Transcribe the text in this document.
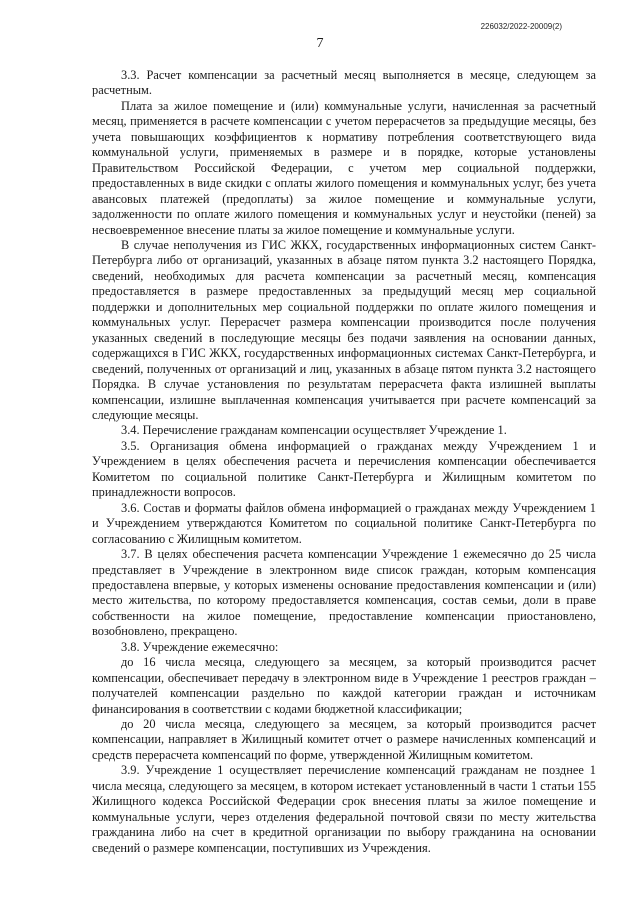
226032/2022-20009(2)
7

3.3. Расчет компенсации за расчетный месяц выполняется в месяце, следующем за расчетным.

Плата за жилое помещение и (или) коммунальные услуги, начисленная за расчетный месяц, применяется в расчете компенсации с учетом перерасчетов за предыдущие месяцы, без учета повышающих коэффициентов к нормативу потребления соответствующего вида коммунальной услуги, применяемых в размере и в порядке, которые установлены Правительством Российской Федерации, с учетом мер социальной поддержки, предоставленных в виде скидки с оплаты жилого помещения и коммунальных услуг, без учета авансовых платежей (предоплаты) за жилое помещение и коммунальные услуги, задолженности по оплате жилого помещения и коммунальных услуг и неустойки (пеней) за несвоевременное внесение платы за жилое помещение и коммунальные услуги.

В случае неполучения из ГИС ЖКХ, государственных информационных систем Санкт-Петербурга либо от организаций, указанных в абзаце пятом пункта 3.2 настоящего Порядка, сведений, необходимых для расчета компенсации за расчетный месяц, компенсация предоставляется в размере предоставленных за предыдущий месяц мер социальной поддержки и дополнительных мер социальной поддержки по оплате жилого помещения и коммунальных услуг. Перерасчет размера компенсации производится после получения указанных сведений в последующие месяцы без подачи заявления на основании данных, содержащихся в ГИС ЖКХ, государственных информационных системах Санкт-Петербурга, и сведений, полученных от организаций и лиц, указанных в абзаце пятом пункта 3.2 настоящего Порядка. В случае установления по результатам перерасчета факта излишней выплаты компенсации, излишне выплаченная компенсация учитывается при расчете компенсаций за следующие месяцы.

3.4. Перечисление гражданам компенсации осуществляет Учреждение 1.

3.5. Организация обмена информацией о гражданах между Учреждением 1 и Учреждением в целях обеспечения расчета и перечисления компенсации обеспечивается Комитетом по социальной политике Санкт-Петербурга и Жилищным комитетом по принадлежности вопросов.

3.6. Состав и форматы файлов обмена информацией о гражданах между Учреждением 1 и Учреждением утверждаются Комитетом по социальной политике Санкт-Петербурга по согласованию с Жилищным комитетом.

3.7. В целях обеспечения расчета компенсации Учреждение 1 ежемесячно до 25 числа представляет в Учреждение в электронном виде список граждан, которым компенсация предоставлена впервые, у которых изменены основание предоставления компенсации и (или) место жительства, по которому предоставляется компенсация, состав семьи, доли в праве собственности на жилое помещение, предоставление компенсации приостановлено, возобновлено, прекращено.

3.8. Учреждение ежемесячно:

до 16 числа месяца, следующего за месяцем, за который производится расчет компенсации, обеспечивает передачу в электронном виде в Учреждение 1 реестров граждан – получателей компенсации раздельно по каждой категории граждан и источникам финансирования в соответствии с кодами бюджетной классификации;

до 20 числа месяца, следующего за месяцем, за который производится расчет компенсации, направляет в Жилищный комитет отчет о размере начисленных компенсаций и средств перерасчета компенсаций по форме, утвержденной Жилищным комитетом.

3.9. Учреждение 1 осуществляет перечисление компенсаций гражданам не позднее 1 числа месяца, следующего за месяцем, в котором истекает установленный в части 1 статьи 155 Жилищного кодекса Российской Федерации срок внесения платы за жилое помещение и коммунальные услуги, через отделения федеральной почтовой связи по месту жительства гражданина либо на счет в кредитной организации по выбору гражданина на основании сведений о размере компенсации, поступивших из Учреждения.
